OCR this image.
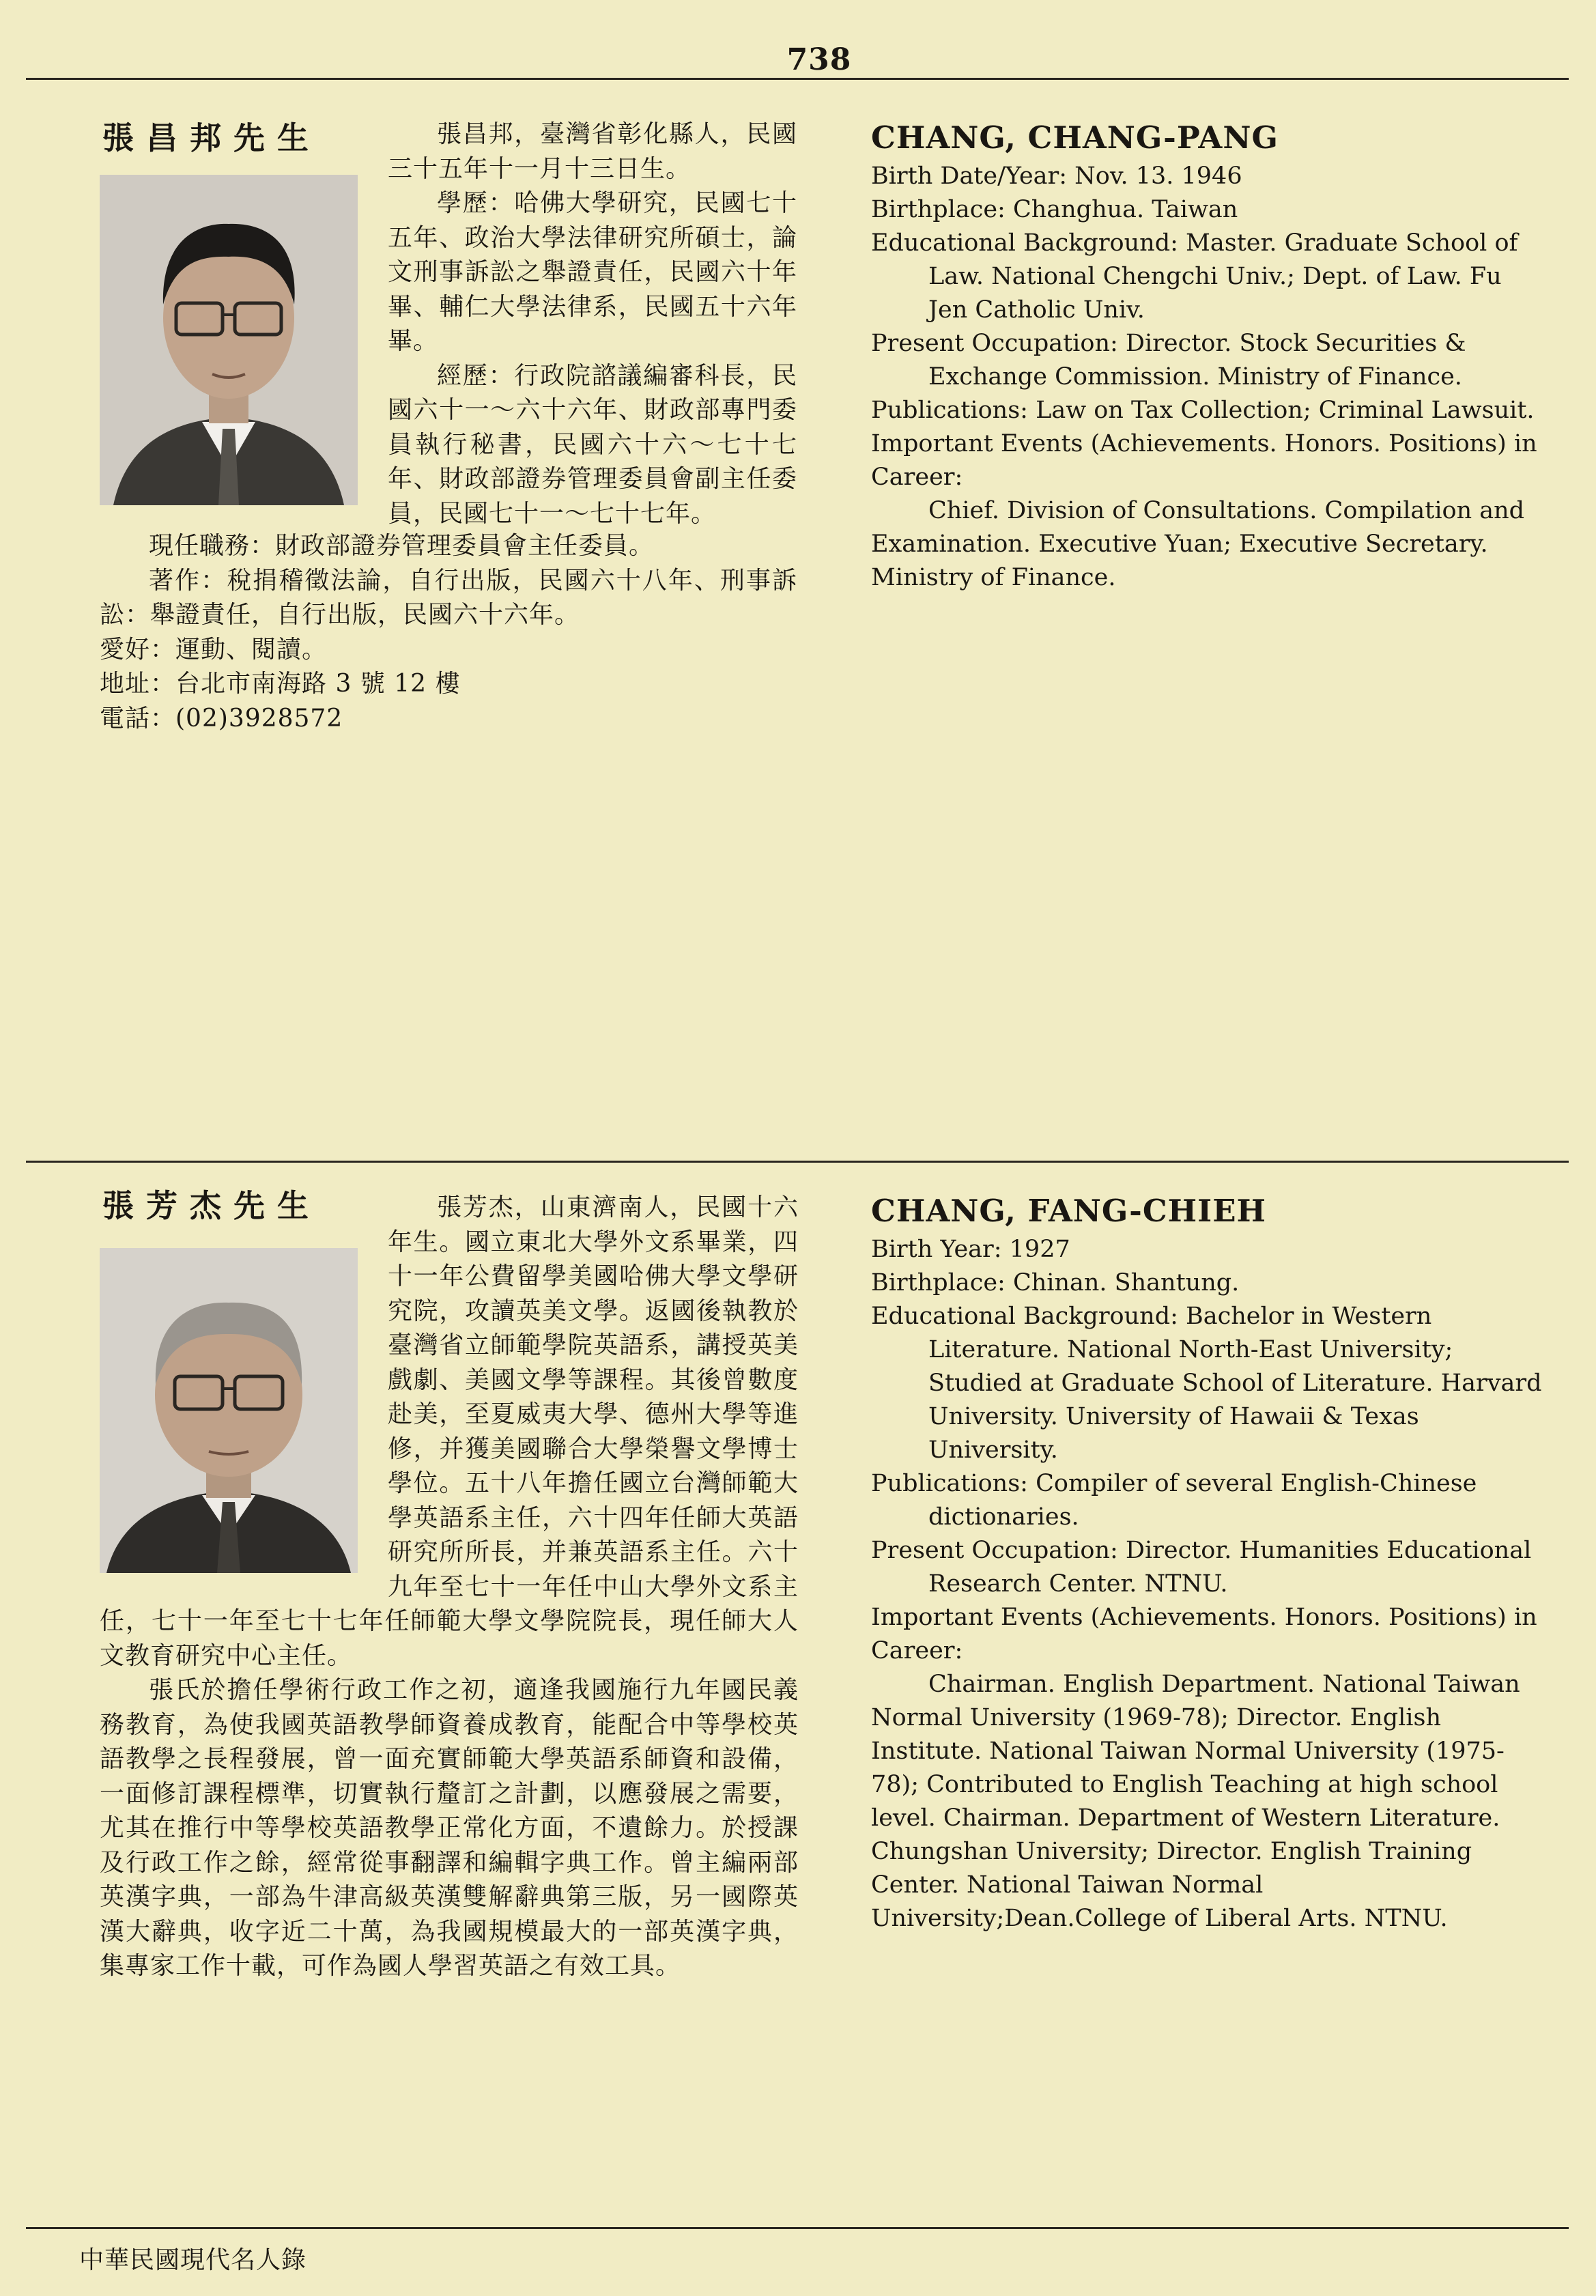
738
張昌邦先生	張昌邦，臺灣省彰化縣人，民國三十五年十一月十三日生。

學歷：哈佛大學研究，民國七十五年、政治大學法律研究所碩士，論文刑事訴訟之舉證責任，民國六十年畢、輔仁大學法律系，民國五十六年畢。

經歷：行政院諮議編審科長，民國六十一～六十六年、財政部專門委員執行秘書，民國六十六～七十七年、財政部證券管理委員會副主任委員，民國七十一～七十七年。

現任職務：財政部證券管理委員會主任委員。

著作：稅捐稽徵法論，自行出版，民國六十八年、刑事訴訟：舉證責任，自行出版，民國六十六年。

愛好：運動、閱讀。

地址：台北市南海路 3 號 12 樓

電話：(02)3928572

CHANG, CHANG-PANG

Birth Date/Year: Nov. 13. 1946

Birthplace: Changhua. Taiwan

Educational Background: Master. Graduate School of Law. National Chengchi Univ.; Dept. of Law. Fu Jen Catholic Univ.

Present Occupation: Director. Stock Securities & Exchange Commission. Ministry of Finance.

Publications: Law on Tax Collection; Criminal Lawsuit.

Important Events (Achievements. Honors. Positions) in Career:

Chief. Division of Consultations. Compilation and Examination. Executive Yuan; Executive Secretary. Ministry of Finance.

張芳杰先生	張芳杰，山東濟南人，民國十六年生。國立東北大學外文系畢業，四十一年公費留學美國哈佛大學文學研究院，攻讀英美文學。返國後執教於臺灣省立師範學院英語系，講授英美戲劇、美國文學等課程。其後曾數度赴美，至夏威夷大學、德州大學等進修，并獲美國聯合大學榮譽文學博士學位。五十八年擔任國立台灣師範大學英語系主任，六十四年任師大英語研究所所長，并兼英語系主任。六十九年至七十一年任中山大學外文系主任，七十一年至七十七年任師範大學文學院院長，現任師大人文教育研究中心主任。

張氏於擔任學術行政工作之初，適逢我國施行九年國民義務教育，為使我國英語教學師資養成教育，能配合中等學校英語教學之長程發展，曾一面充實師範大學英語系師資和設備，一面修訂課程標準，切實執行釐訂之計劃，以應發展之需要，尤其在推行中等學校英語教學正常化方面，不遺餘力。於授課及行政工作之餘，經常從事翻譯和編輯字典工作。曾主編兩部英漢字典，一部為牛津高級英漢雙解辭典第三版，另一國際英漢大辭典，收字近二十萬，為我國規模最大的一部英漢字典，集專家工作十載，可作為國人學習英語之有效工具。

CHANG, FANG-CHIEH

Birth Year: 1927

Birthplace: Chinan. Shantung.

Educational Background: Bachelor in Western Literature. National North-East University; Studied at Graduate School of Literature. Harvard University. University of Hawaii & Texas University.

Publications: Compiler of several English-Chinese dictionaries.

Present Occupation: Director. Humanities Educational Research Center. NTNU.

Important Events (Achievements. Honors. Positions) in Career:

Chairman. English Department. National Taiwan Normal University (1969-78); Director. English Institute. National Taiwan Normal University (1975-78); Contributed to English Teaching at high school level. Chairman. Department of Western Literature. Chungshan University; Director. English Training Center. National Taiwan Normal University;Dean.College of Liberal Arts. NTNU.

中華民國現代名人錄
